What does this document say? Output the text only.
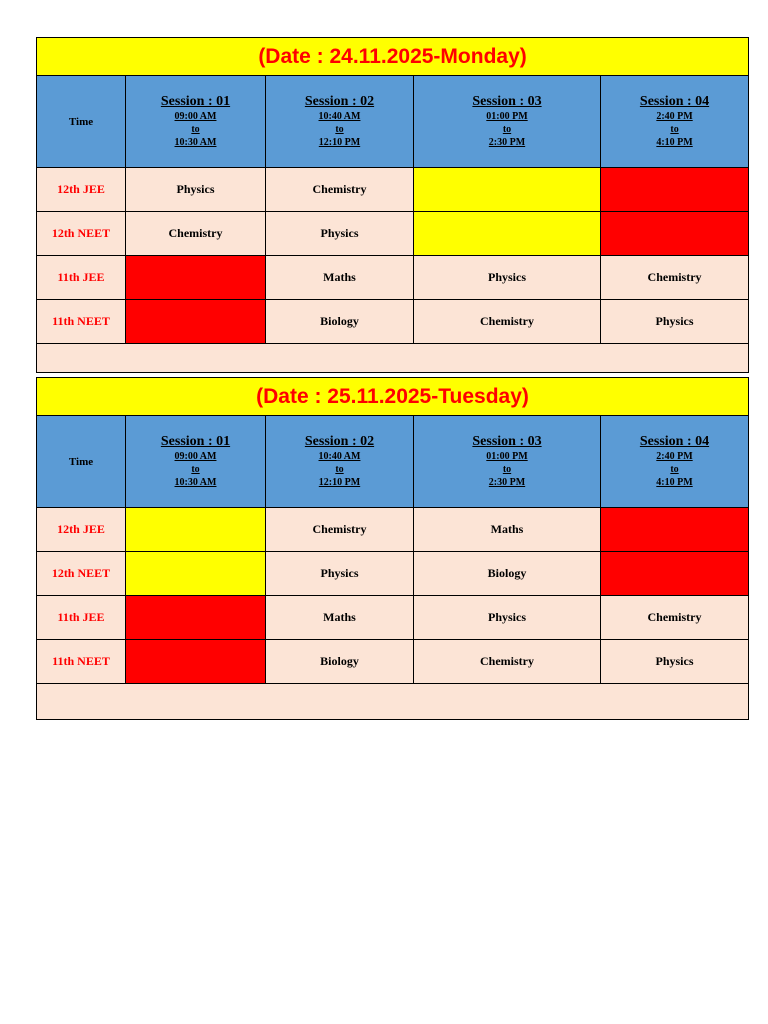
(Date : 24.11.2025-Monday)				
Time	Session : 01
09:00 AM
to
10:30 AM	Session : 02
10:40 AM
to
12:10 PM	Session : 03
01:00 PM
to
2:30 PM	Session : 04
2:40 PM
to
4:10 PM

12th JEE	Physics	Chemistry		
12th NEET	Chemistry	Physics		
11th JEE		Maths	Physics	Chemistry
11th NEET		Biology	Chemistry	Physics

(Date : 25.11.2025-Tuesday)				
Time	Session : 01
09:00 AM
to
10:30 AM	Session : 02
10:40 AM
to
12:10 PM	Session : 03
01:00 PM
to
2:30 PM	Session : 04
2:40 PM
to
4:10 PM

12th JEE		Chemistry	Maths	
12th NEET		Physics	Biology	
11th JEE		Maths	Physics	Chemistry
11th NEET		Biology	Chemistry	Physics
